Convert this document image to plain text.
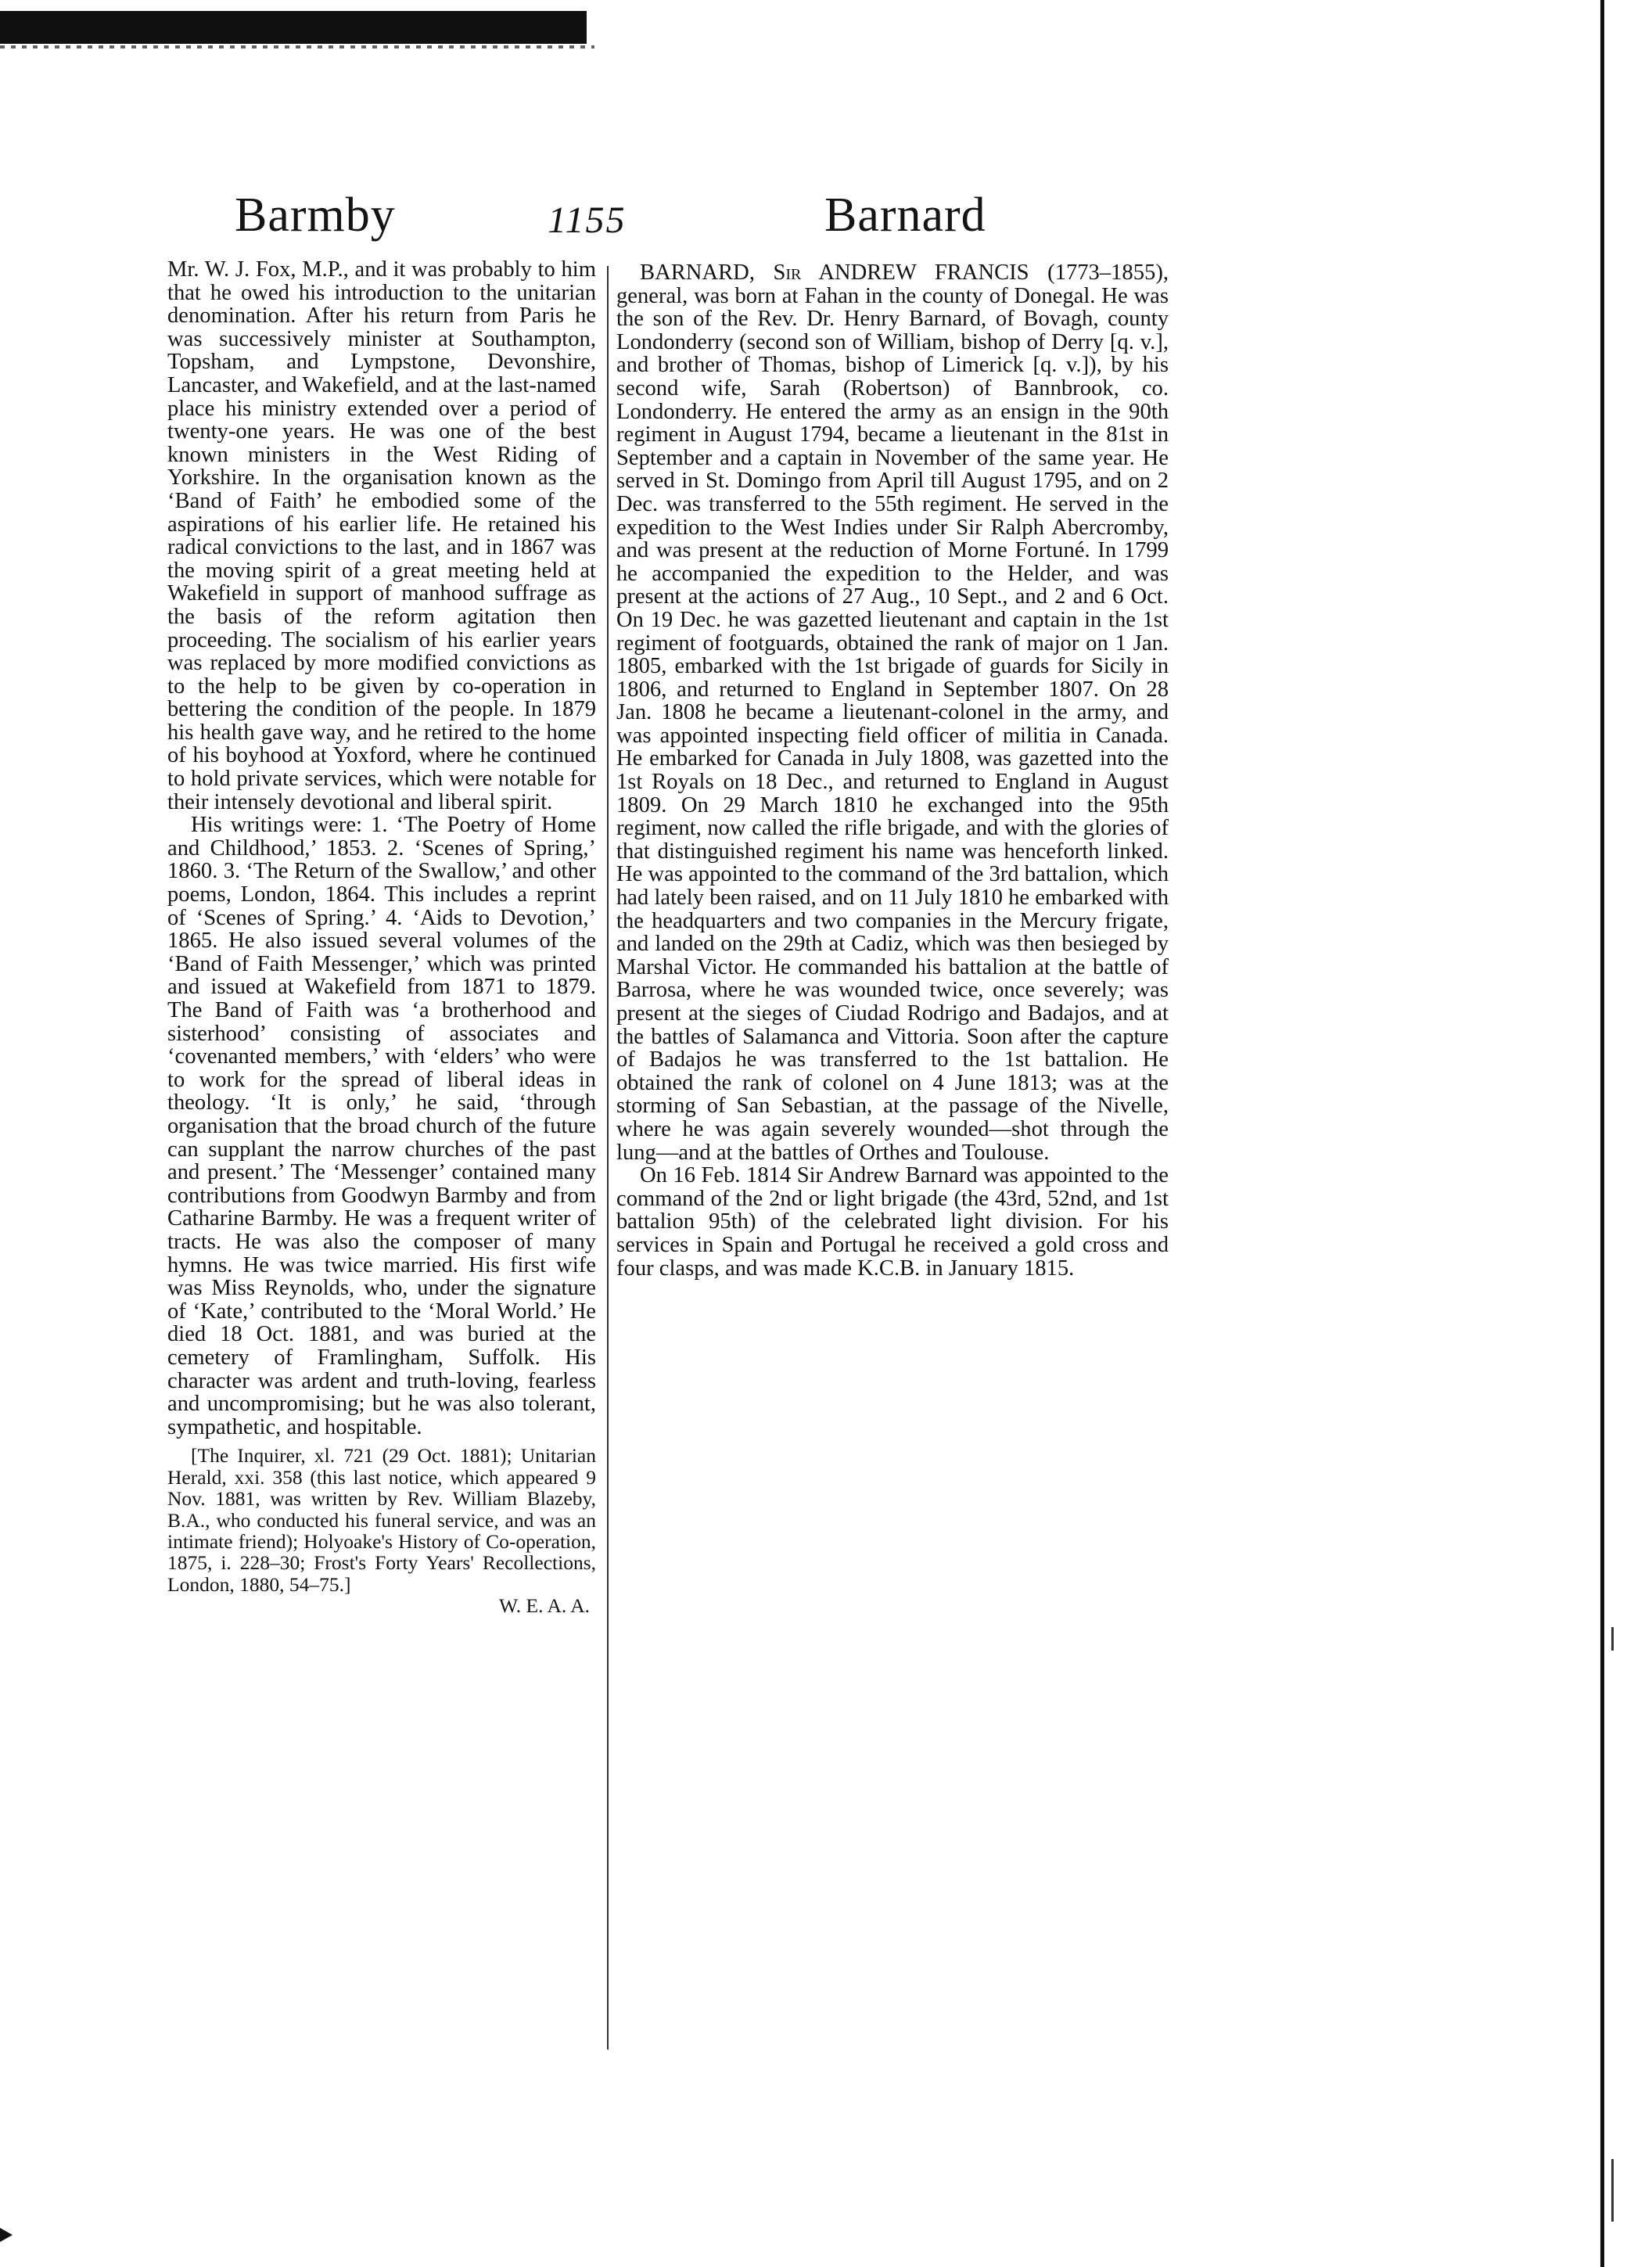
Barmby	1155	Barnard

Mr. W. J. Fox, M.P., and it was probably to him that he owed his introduction to the unitarian denomination. After his return from Paris he was successively minister at Southampton, Topsham, and Lympstone, Devonshire, Lancaster, and Wakefield, and at the last-named place his ministry extended over a period of twenty-one years. He was one of the best known ministers in the West Riding of Yorkshire. In the organisation known as the ‘Band of Faith’ he embodied some of the aspirations of his earlier life. He retained his radical convictions to the last, and in 1867 was the moving spirit of a great meeting held at Wakefield in support of manhood suffrage as the basis of the reform agitation then proceeding. The socialism of his earlier years was replaced by more modified convictions as to the help to be given by co-operation in bettering the condition of the people. In 1879 his health gave way, and he retired to the home of his boyhood at Yoxford, where he continued to hold private services, which were notable for their intensely devotional and liberal spirit.

His writings were: 1. ‘The Poetry of Home and Childhood,’ 1853. 2. ‘Scenes of Spring,’ 1860. 3. ‘The Return of the Swallow,’ and other poems, London, 1864. This includes a reprint of ‘Scenes of Spring.’ 4. ‘Aids to Devotion,’ 1865. He also issued several volumes of the ‘Band of Faith Messenger,’ which was printed and issued at Wakefield from 1871 to 1879. The Band of Faith was ‘a brotherhood and sisterhood’ consisting of associates and ‘covenanted members,’ with ‘elders’ who were to work for the spread of liberal ideas in theology. ‘It is only,’ he said, ‘through organisation that the broad church of the future can supplant the narrow churches of the past and present.’ The ‘Messenger’ contained many contributions from Goodwyn Barmby and from Catharine Barmby. He was a frequent writer of tracts. He was also the composer of many hymns. He was twice married. His first wife was Miss Reynolds, who, under the signature of ‘Kate,’ contributed to the ‘Moral World.’ He died 18 Oct. 1881, and was buried at the cemetery of Framlingham, Suffolk. His character was ardent and truth-loving, fearless and uncompromising; but he was also tolerant, sympathetic, and hospitable.

[The Inquirer, xl. 721 (29 Oct. 1881); Unitarian Herald, xxi. 358 (this last notice, which appeared 9 Nov. 1881, was written by Rev. William Blazeby, B.A., who conducted his funeral service, and was an intimate friend); Holyoake's History of Co-operation, 1875, i. 228–30; Frost's Forty Years' Recollections, London, 1880, 54–75.]
W. E. A. A.

BARNARD, Sir ANDREW FRANCIS (1773–1855), general, was born at Fahan in the county of Donegal. He was the son of the Rev. Dr. Henry Barnard, of Bovagh, county Londonderry (second son of William, bishop of Derry [q. v.], and brother of Thomas, bishop of Limerick [q. v.]), by his second wife, Sarah (Robertson) of Bannbrook, co. Londonderry. He entered the army as an ensign in the 90th regiment in August 1794, became a lieutenant in the 81st in September and a captain in November of the same year. He served in St. Domingo from April till August 1795, and on 2 Dec. was transferred to the 55th regiment. He served in the expedition to the West Indies under Sir Ralph Abercromby, and was present at the reduction of Morne Fortuné. In 1799 he accompanied the expedition to the Helder, and was present at the actions of 27 Aug., 10 Sept., and 2 and 6 Oct. On 19 Dec. he was gazetted lieutenant and captain in the 1st regiment of footguards, obtained the rank of major on 1 Jan. 1805, embarked with the 1st brigade of guards for Sicily in 1806, and returned to England in September 1807. On 28 Jan. 1808 he became a lieutenant-colonel in the army, and was appointed inspecting field officer of militia in Canada. He embarked for Canada in July 1808, was gazetted into the 1st Royals on 18 Dec., and returned to England in August 1809. On 29 March 1810 he exchanged into the 95th regiment, now called the rifle brigade, and with the glories of that distinguished regiment his name was henceforth linked. He was appointed to the command of the 3rd battalion, which had lately been raised, and on 11 July 1810 he embarked with the headquarters and two companies in the Mercury frigate, and landed on the 29th at Cadiz, which was then besieged by Marshal Victor. He commanded his battalion at the battle of Barrosa, where he was wounded twice, once severely; was present at the sieges of Ciudad Rodrigo and Badajos, and at the battles of Salamanca and Vittoria. Soon after the capture of Badajos he was transferred to the 1st battalion. He obtained the rank of colonel on 4 June 1813; was at the storming of San Sebastian, at the passage of the Nivelle, where he was again severely wounded—shot through the lung—and at the battles of Orthes and Toulouse.

On 16 Feb. 1814 Sir Andrew Barnard was appointed to the command of the 2nd or light brigade (the 43rd, 52nd, and 1st battalion 95th) of the celebrated light division. For his services in Spain and Portugal he received a gold cross and four clasps, and was made K.C.B. in January 1815.
